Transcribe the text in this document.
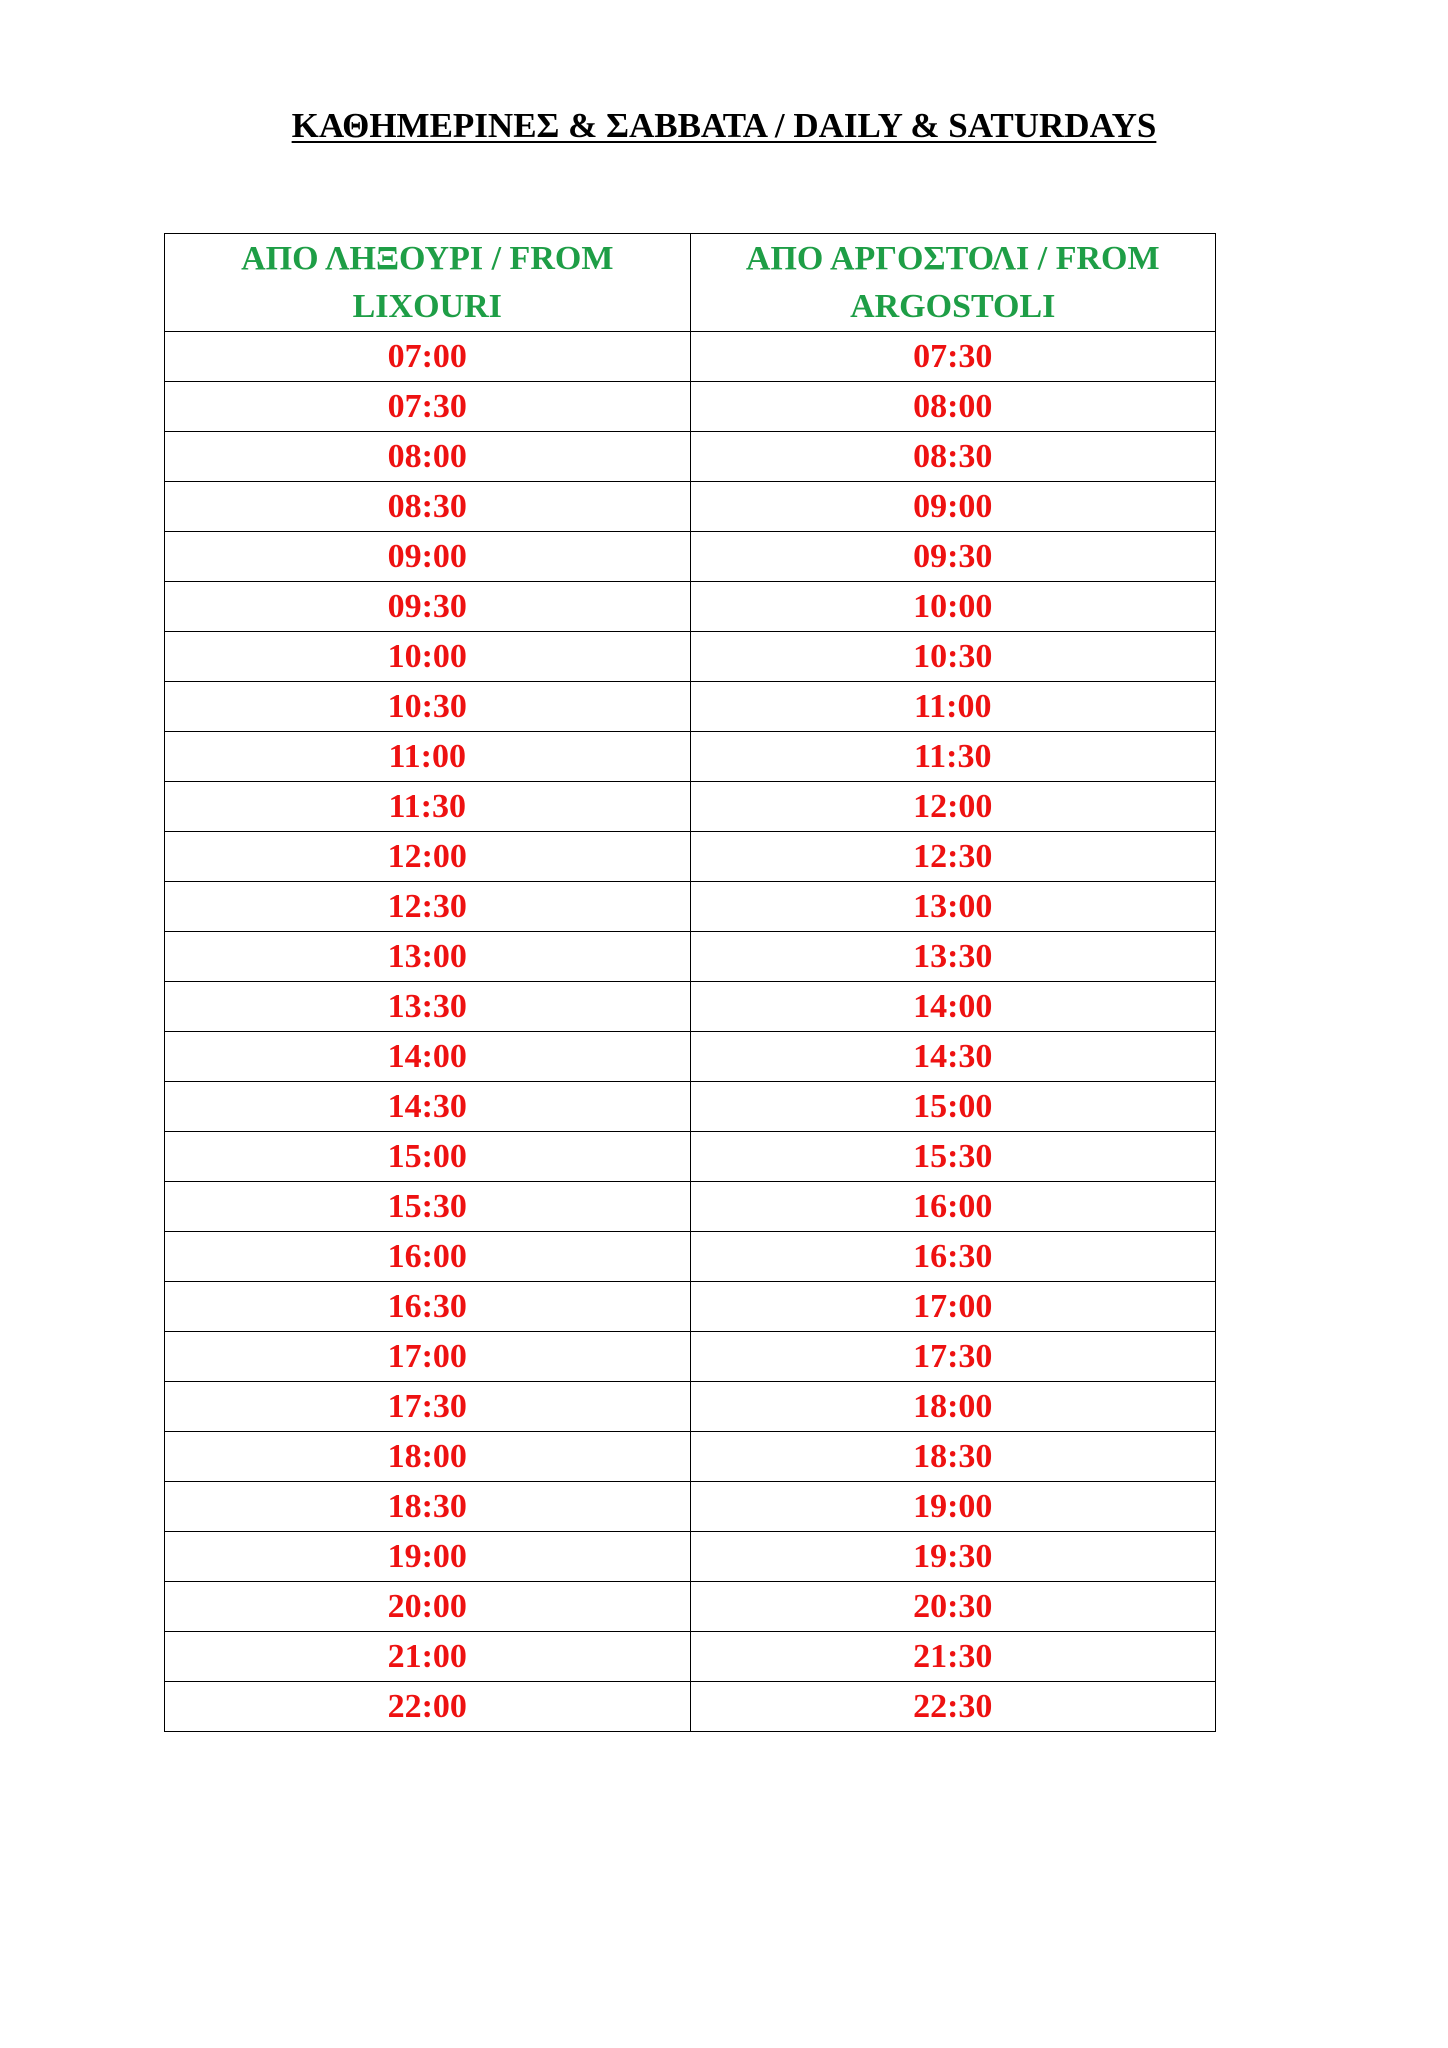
ΚΑΘΗΜΕΡΙΝΕΣ & ΣΑΒΒΑΤΑ / DAILY & SATURDAYS
ΑΠΟ ΛΗΞΟΥΡΙ / FROM LIXOURI	ΑΠΟ ΑΡΓΟΣΤΟΛΙ / FROM ARGOSTOLI
07:00	07:30
07:30	08:00
08:00	08:30
08:30	09:00
09:00	09:30
09:30	10:00
10:00	10:30
10:30	11:00
11:00	11:30
11:30	12:00
12:00	12:30
12:30	13:00
13:00	13:30
13:30	14:00
14:00	14:30
14:30	15:00
15:00	15:30
15:30	16:00
16:00	16:30
16:30	17:00
17:00	17:30
17:30	18:00
18:00	18:30
18:30	19:00
19:00	19:30
20:00	20:30
21:00	21:30
22:00	22:30
